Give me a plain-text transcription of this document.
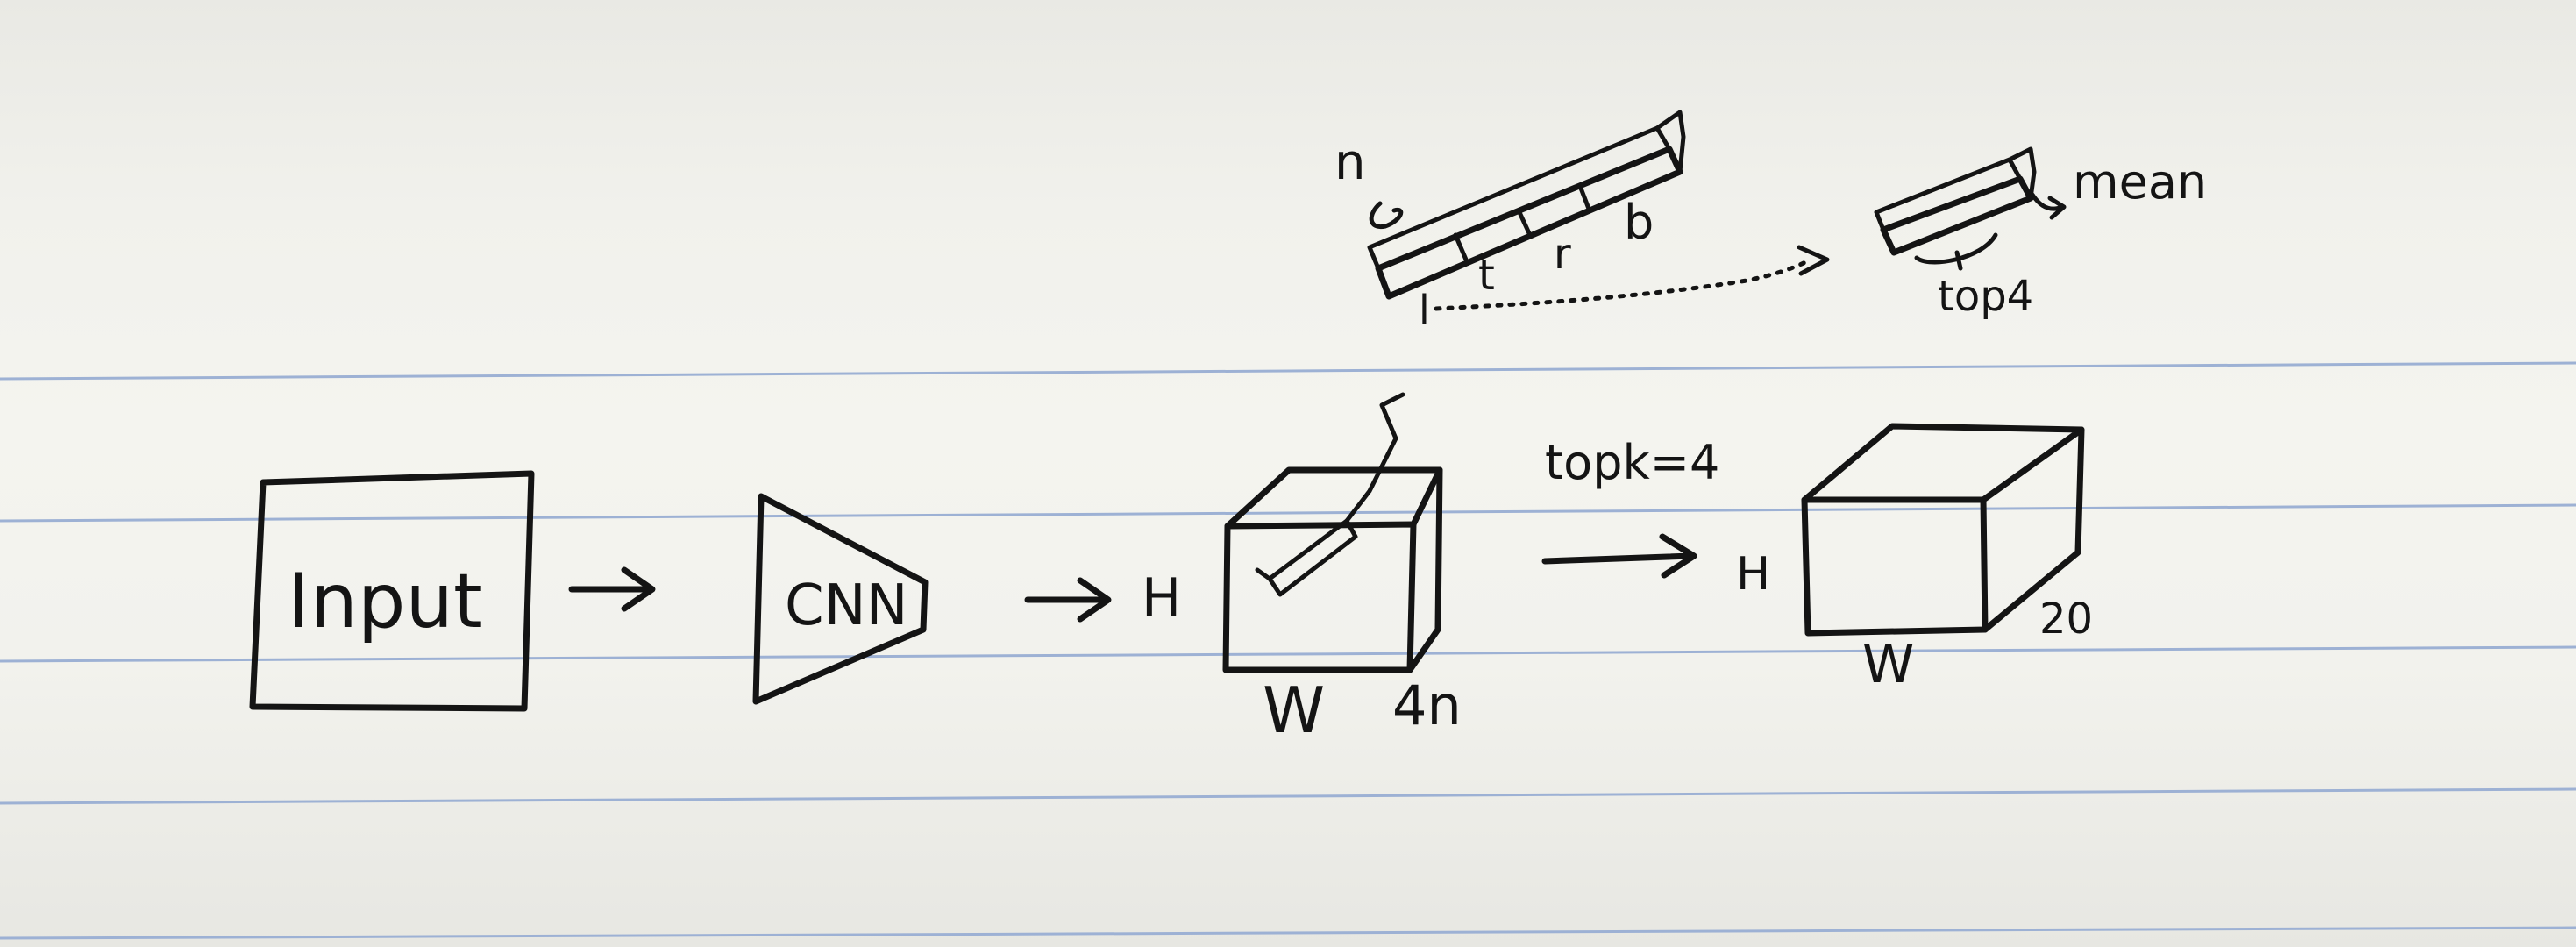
Input	CNN	H
W 4n
topk=4
H
W
20
n
l
t r
b
top4
mean
